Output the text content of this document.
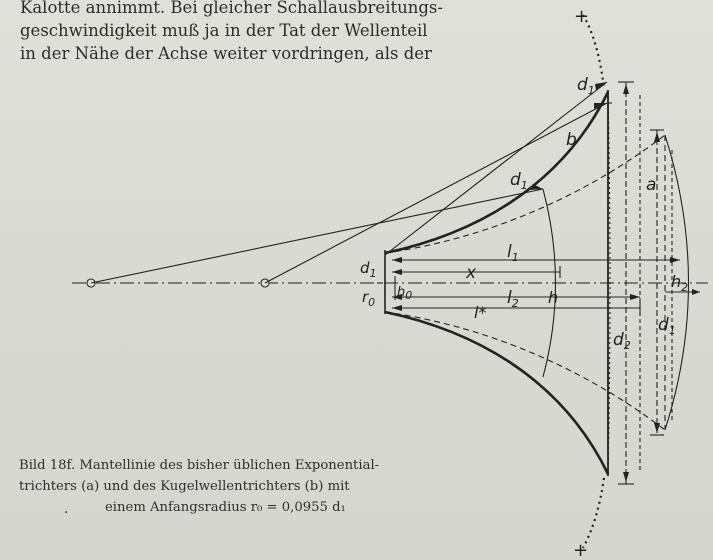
Kalotte annimmt. Bei gleicher Schallausbreitungs-
geschwindigkeit muß ja in der Tat der Wellenteil
in der Nähe der Achse weiter vordringen, als der
$d_1$
b
a
$d_1$
$l_1$
$d_1$	x
$r_0$
$h_0$	h
$h_2$
$l_2$
l*
$d_2$
$d_1$
+
+
Bild 18f. Mantellinie des bisher üblichen Exponential-
trichters (a) und des Kugelwellentrichters (b) mit
einem Anfangsradius r₀ = 0,0955 d₁
.
